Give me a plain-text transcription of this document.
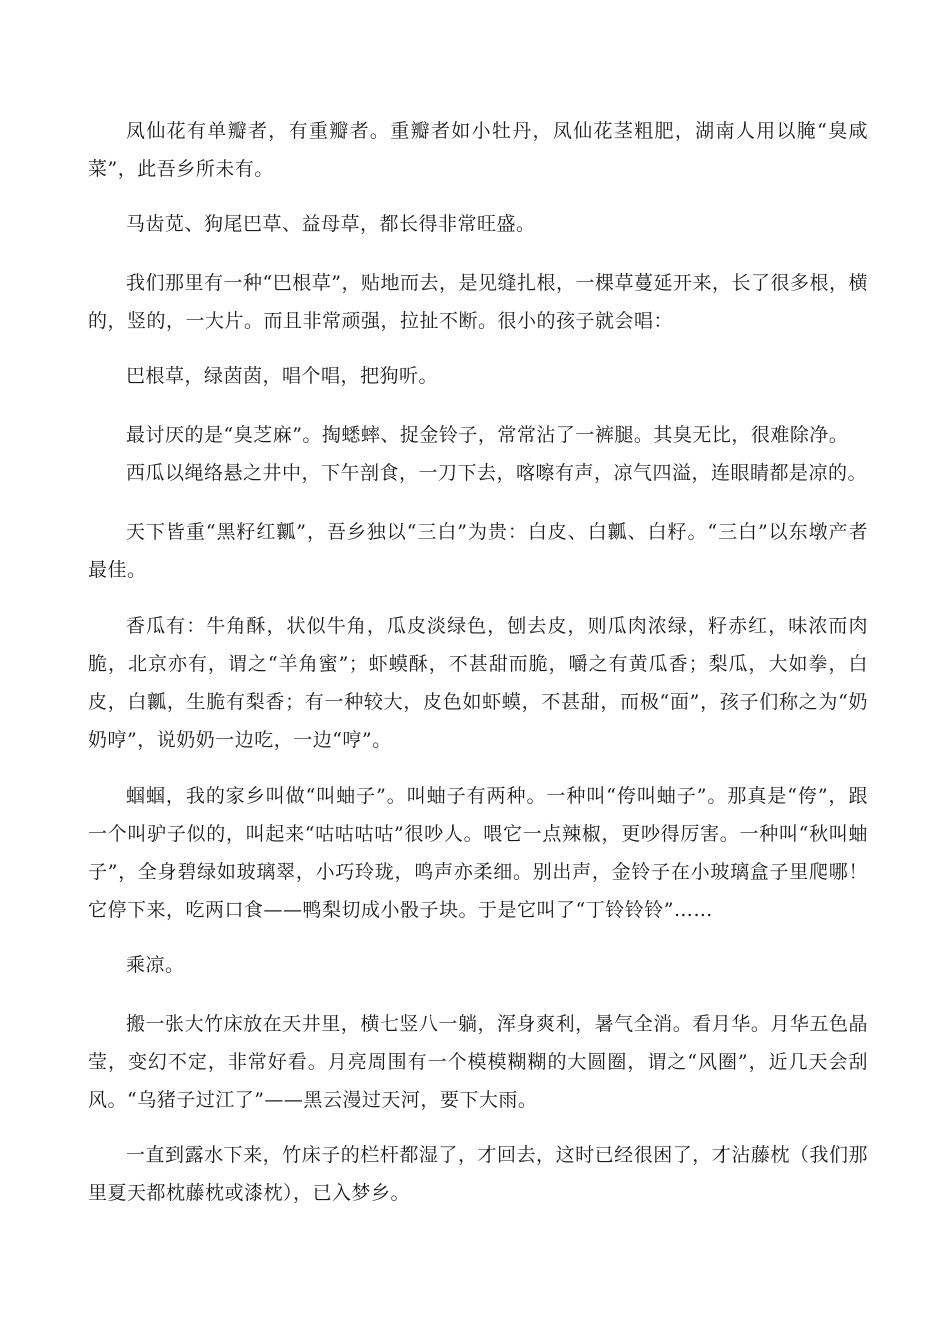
凤仙花有单瓣者，有重瓣者。重瓣者如小牡丹，凤仙花茎粗肥，湖南人用以腌“臭咸菜”，此吾乡所未有。

马齿苋、狗尾巴草、益母草，都长得非常旺盛。

我们那里有一种“巴根草”，贴地而去，是见缝扎根，一棵草蔓延开来，长了很多根，横的，竖的，一大片。而且非常顽强，拉扯不断。很小的孩子就会唱：

巴根草，绿茵茵，唱个唱，把狗听。

最讨厌的是“臭芝麻”。掏蟋蟀、捉金铃子，常常沾了一裤腿。其臭无比，很难除净。

西瓜以绳络悬之井中，下午剖食，一刀下去，喀嚓有声，凉气四溢，连眼睛都是凉的。

天下皆重“黑籽红瓤”，吾乡独以“三白”为贵：白皮、白瓤、白籽。“三白”以东墩产者最佳。

香瓜有：牛角酥，状似牛角，瓜皮淡绿色，刨去皮，则瓜肉浓绿，籽赤红，味浓而肉脆，北京亦有，谓之“羊角蜜”；虾蟆酥，不甚甜而脆，嚼之有黄瓜香；梨瓜，大如拳，白皮，白瓤，生脆有梨香；有一种较大，皮色如虾蟆，不甚甜，而极“面”，孩子们称之为“奶奶哼”，说奶奶一边吃，一边“哼”。

蝈蝈，我的家乡叫做“叫蚰子”。叫蚰子有两种。一种叫“侉叫蚰子”。那真是“侉”，跟一个叫驴子似的，叫起来“咕咕咕咕”很吵人。喂它一点辣椒，更吵得厉害。一种叫“秋叫蚰子”，全身碧绿如玻璃翠，小巧玲珑，鸣声亦柔细。别出声，金铃子在小玻璃盒子里爬哪！它停下来，吃两口食——鸭梨切成小骰子块。于是它叫了“丁铃铃铃”……

乘凉。

搬一张大竹床放在天井里，横七竖八一躺，浑身爽利，暑气全消。看月华。月华五色晶莹，变幻不定，非常好看。月亮周围有一个模模糊糊的大圆圈，谓之“风圈”，近几天会刮风。“乌猪子过江了”——黑云漫过天河，要下大雨。

一直到露水下来，竹床子的栏杆都湿了，才回去，这时已经很困了，才沾藤枕（我们那里夏天都枕藤枕或漆枕），已入梦乡。
